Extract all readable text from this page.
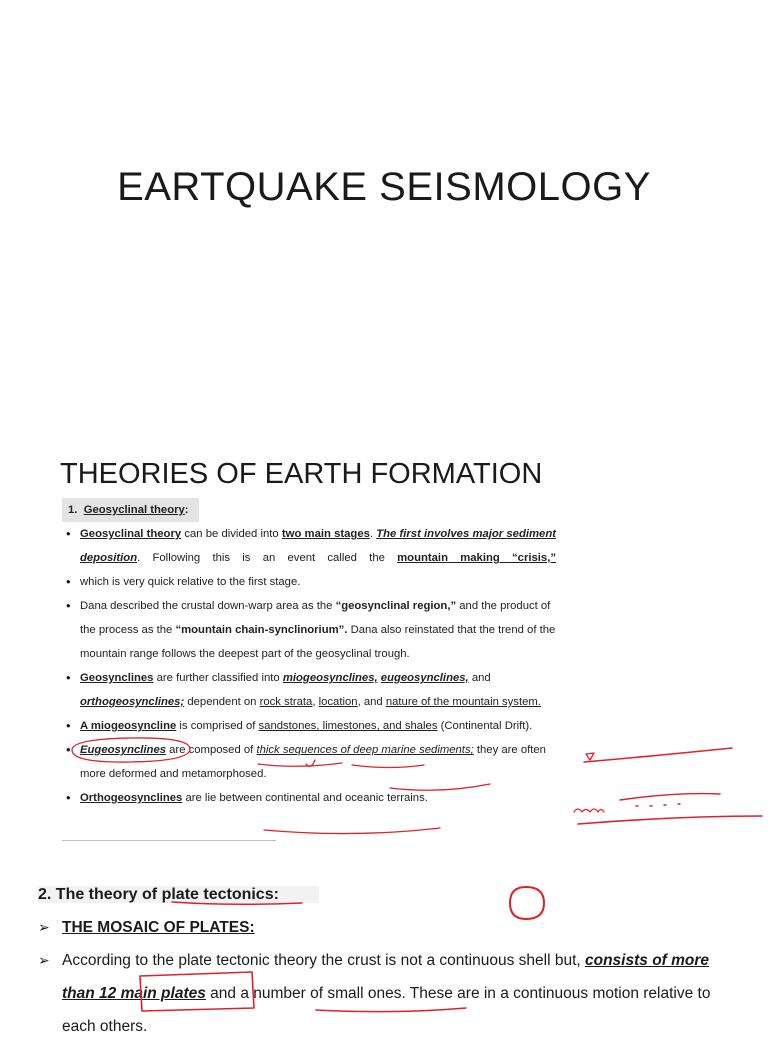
EARTQUAKE SEISMOLOGY
THEORIES OF EARTH FORMATION
1. Geosyclinal theory:
• Geosyclinal theory can be divided into two main stages. The first involves major sediment deposition. Following this is an event called the mountain making “crisis,”
• which is very quick relative to the first stage.
• Dana described the crustal down-warp area as the “geosynclinal region,” and the product of the process as the “mountain chain-synclinorium”. Dana also reinstated that the trend of the mountain range follows the deepest part of the geosyclinal trough.
• Geosynclines are further classified into miogeosynclines, eugeosynclines, and orthogeosynclines; dependent on rock strata, location, and nature of the mountain system.
• A miogeosyncline is comprised of sandstones, limestones, and shales (Continental Drift).
• Eugeosynclines are composed of thick sequences of deep marine sediments; they are often more deformed and metamorphosed.
• Orthogeosynclines are lie between continental and oceanic terrains.
2. The theory of plate tectonics:
➢ THE MOSAIC OF PLATES:
➢ According to the plate tectonic theory the crust is not a continuous shell but, consists of more than 12 main plates and a number of small ones. These are in a continuous motion relative to each others.
